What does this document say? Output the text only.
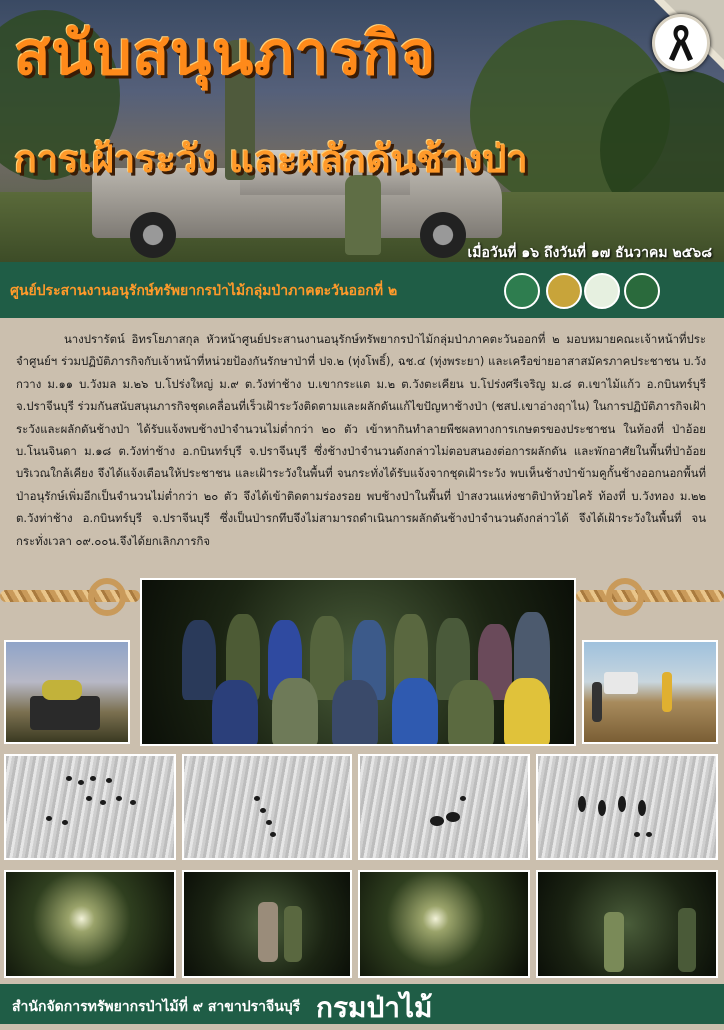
สนับสนุนภารกิจ
การเฝ้าระวัง และผลักดันช้างป่า
เมื่อวันที่ ๑๖ ถึงวันที่ ๑๗ ธันวาคม ๒๕๖๘
ศูนย์ประสานงานอนุรักษ์ทรัพยากรป่าไม้กลุ่มป่าภาคตะวันออกที่ ๒

นางปรารัตน์ อิทรโยภาสกุล หัวหน้าศูนย์ประสานงานอนุรักษ์ทรัพยากรป่าไม้กลุ่มป่าภาคตะวันออกที่ ๒ มอบหมายคณะเจ้าหน้าที่ประจำศูนย์ฯ ร่วมปฏิบัติภารกิจกับเจ้าหน้าที่หน่วยป้องกันรักษาป่าที่ ปจ.๒ (ทุ่งโพธิ์), ฉช.๔ (ทุ่งพระยา) และเครือข่ายอาสาสมัครภาคประชาชน บ.วังกวาง ม.๑๑ บ.วังมล ม.๒๖ บ.โปร่งใหญ่ ม.๙ ต.วังท่าช้าง บ.เขากระแต ม.๒ ต.วังตะเคียน บ.โปร่งศรีเจริญ ม.๘ ต.เขาไม้แก้ว อ.กบินทร์บุรี จ.ปราจีนบุรี ร่วมกันสนับสนุนภารกิจชุดเคลื่อนที่เร็วเฝ้าระวังติดตามและผลักดันแก้ไขปัญหาช้างป่า (ชสป.เขาอ่างฤาไน) ในการปฏิบัติภารกิจเฝ้าระวังและผลักดันช้างป่า ได้รับแจ้งพบช้างป่าจำนวนไม่ต่ำกว่า ๒๐ ตัว เข้าหากินทำลายพืชผลทางการเกษตรของประชาชน ในท้องที่ ป่าอ้อย บ.โนนจินดา ม.๑๘ ต.วังท่าช้าง อ.กบินทร์บุรี จ.ปราจีนบุรี ซึ่งช้างป่าจำนวนดังกล่าวไม่ตอบสนองต่อการผลักดัน และพักอาศัยในพื้นที่ป่าอ้อย บริเวณใกล้เคียง จึงได้แจ้งเตือนให้ประชาชน และเฝ้าระวังในพื้นที่ จนกระทั่งได้รับแจ้งจากชุดเฝ้าระวัง พบเห็นช้างป่าข้ามคูกั้นช้างออกนอกพื้นที่ป่าอนุรักษ์เพิ่มอีกเป็นจำนวนไม่ต่ำกว่า ๒๐ ตัว จึงได้เข้าติดตามร่องรอย พบช้างป่าในพื้นที่ ป่าสงวนแห่งชาติป่าห้วยไคร้ ท้องที่ บ.วังทอง ม.๒๒ ต.วังท่าช้าง อ.กบินทร์บุรี จ.ปราจีนบุรี ซึ่งเป็นป่ารกทึบจึงไม่สามารถดำเนินการผลักดันช้างป่าจำนวนดังกล่าวได้ จึงได้เฝ้าระวังในพื้นที่ จนกระทั่งเวลา ๐๙.๐๐น.จึงได้ยกเลิกภารกิจ

สำนักจัดการทรัพยากรป่าไม้ที่ ๙ สาขาปราจีนบุรี กรมป่าไม้
